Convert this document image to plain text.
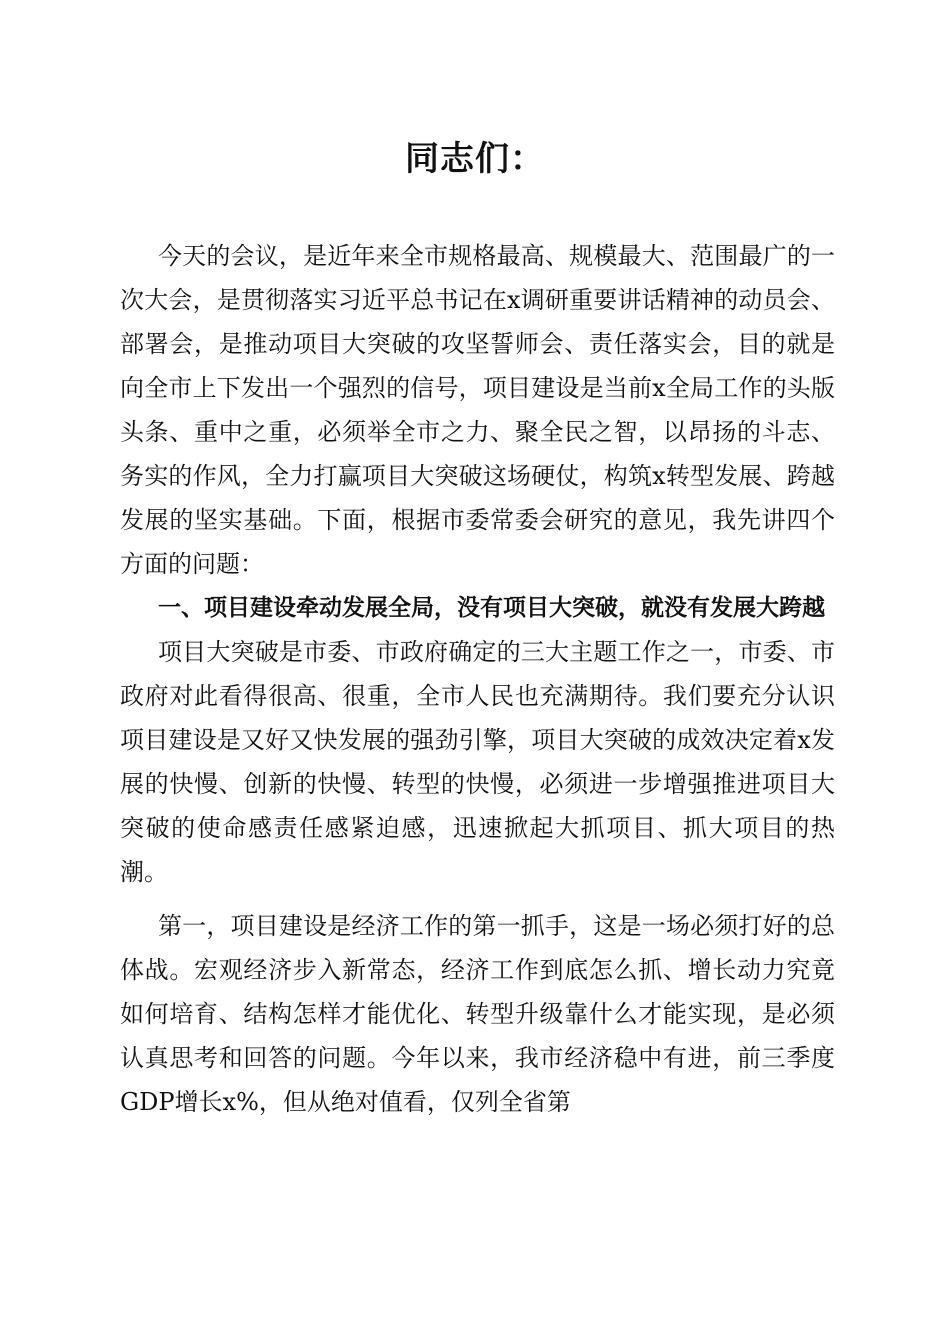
同志们：

今天的会议，是近年来全市规格最高、规模最大、范围最广的一次大会，是贯彻落实习近平总书记在x调研重要讲话精神的动员会、部署会，是推动项目大突破的攻坚誓师会、责任落实会，目的就是向全市上下发出一个强烈的信号，项目建设是当前x全局工作的头版头条、重中之重，必须举全市之力、聚全民之智，以昂扬的斗志、务实的作风，全力打赢项目大突破这场硬仗，构筑x转型发展、跨越发展的坚实基础。下面，根据市委常委会研究的意见，我先讲四个方面的问题：

一、项目建设牵动发展全局，没有项目大突破，就没有发展大跨越

项目大突破是市委、市政府确定的三大主题工作之一，市委、市政府对此看得很高、很重，全市人民也充满期待。我们要充分认识项目建设是又好又快发展的强劲引擎，项目大突破的成效决定着x发展的快慢、创新的快慢、转型的快慢，必须进一步增强推进项目大突破的使命感责任感紧迫感，迅速掀起大抓项目、抓大项目的热潮。

第一，项目建设是经济工作的第一抓手，这是一场必须打好的总体战。宏观经济步入新常态，经济工作到底怎么抓、增长动力究竟如何培育、结构怎样才能优化、转型升级靠什么才能实现，是必须认真思考和回答的问题。今年以来，我市经济稳中有进，前三季度GDP增长x%，但从绝对值看，仅列全省第
